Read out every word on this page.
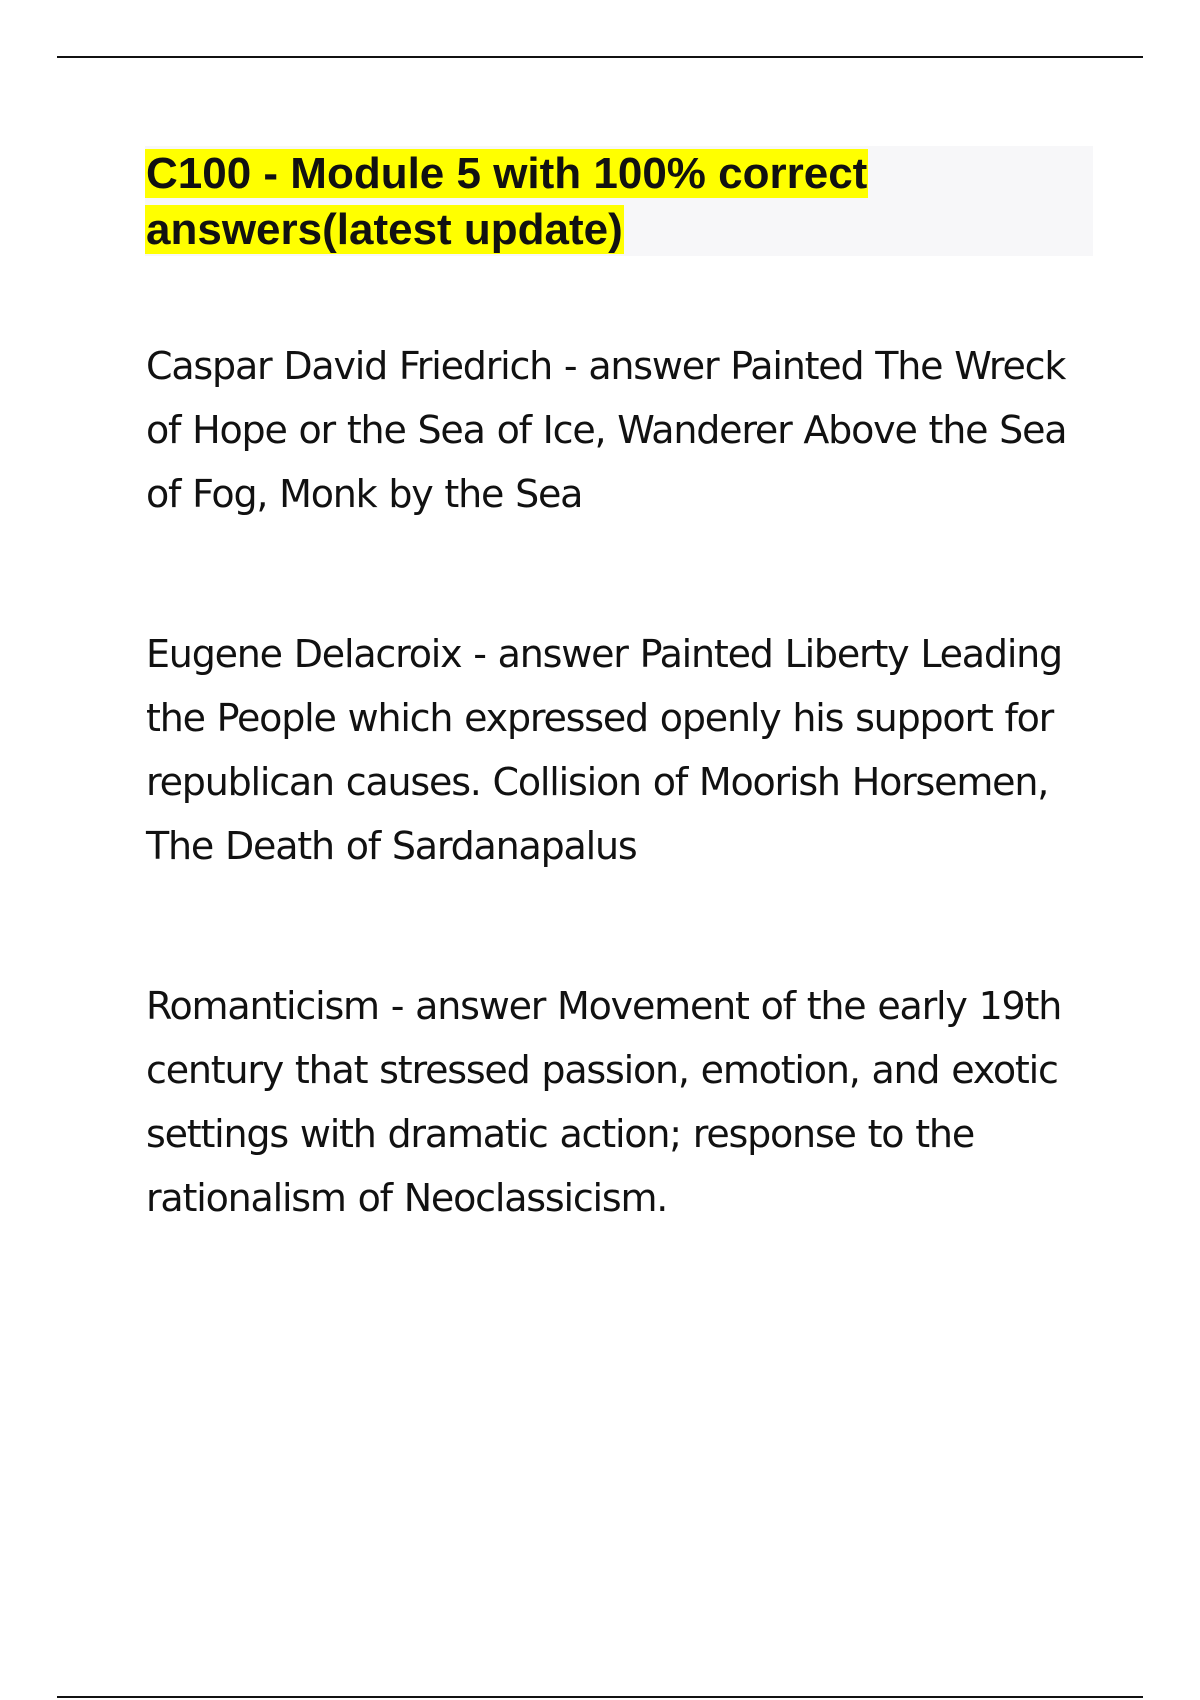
C100 - Module 5 with 100% correct
answers(latest update)

Caspar David Friedrich - answer Painted The Wreck of Hope or the Sea of Ice, Wanderer Above the Sea of Fog, Monk by the Sea

Eugene Delacroix - answer Painted Liberty Leading the People which expressed openly his support for republican causes. Collision of Moorish Horsemen, The Death of Sardanapalus

Romanticism - answer Movement of the early 19th century that stressed passion, emotion, and exotic settings with dramatic action; response to the rationalism of Neoclassicism.
